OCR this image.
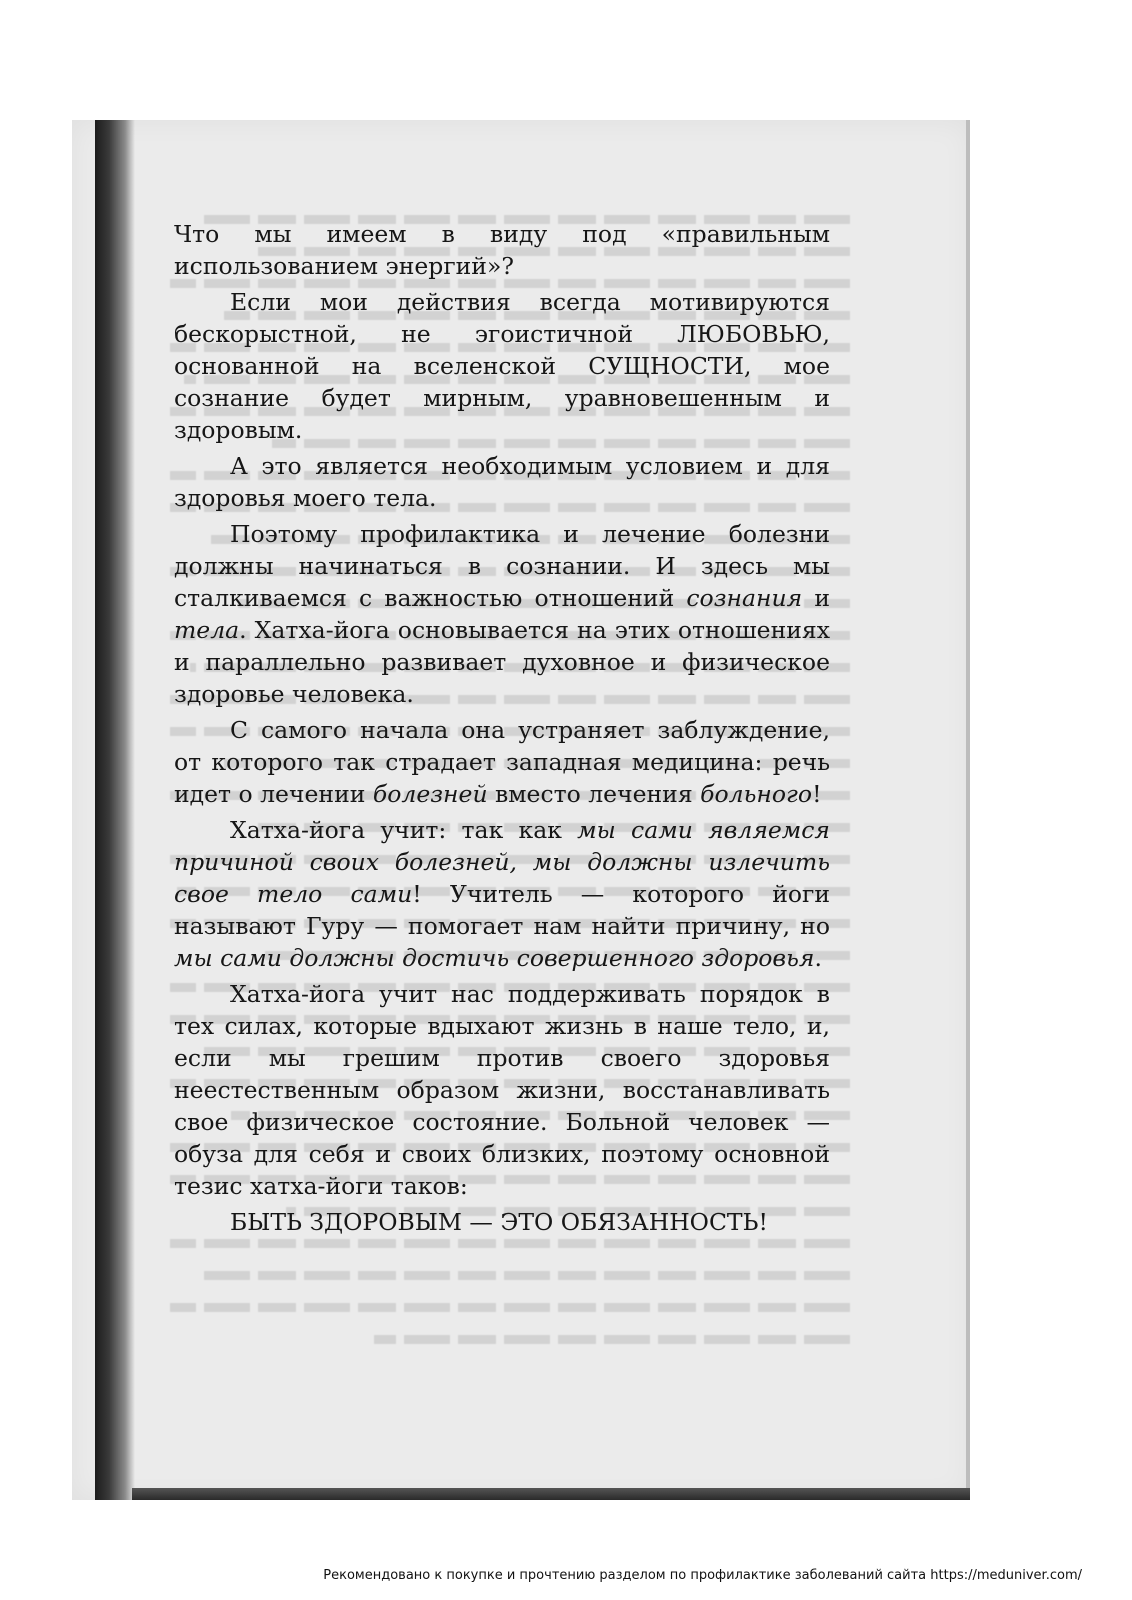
Что мы имеем в виду под «правильным использованием энергий»?

Если мои действия всегда мотивируются бескорыстной, не эгоистичной ЛЮБОВЬЮ, основанной на вселенской СУЩНОСТИ, мое сознание будет мирным, уравновешенным и здоровым.

А это является необходимым условием и для здоровья моего тела.

Поэтому профилактика и лечение болезни должны начинаться в сознании. И здесь мы сталкиваемся с важностью отношений сознания и тела. Хатха-йога основывается на этих отношениях и параллельно развивает духовное и физическое здоровье человека.

С самого начала она устраняет заблуждение, от которого так страдает западная медицина: речь идет о лечении болезней вместо лечения больного!

Хатха-йога учит: так как мы сами являемся причиной своих болезней, мы должны излечить свое тело сами! Учитель — которого йоги называют Гуру — помогает нам найти причину, но мы сами должны достичь совершенного здоровья.

Хатха-йога учит нас поддерживать порядок в тех силах, которые вдыхают жизнь в наше тело, и, если мы грешим против своего здоровья неестественным образом жизни, восстанавливать свое физическое состояние. Больной человек — обуза для себя и своих близких, поэтому основной тезис хатха-йоги таков:

БЫТЬ ЗДОРОВЫМ — ЭТО ОБЯЗАННОСТЬ!

Рекомендовано к покупке и прочтению разделом по профилактике заболеваний сайта https://meduniver.com/
